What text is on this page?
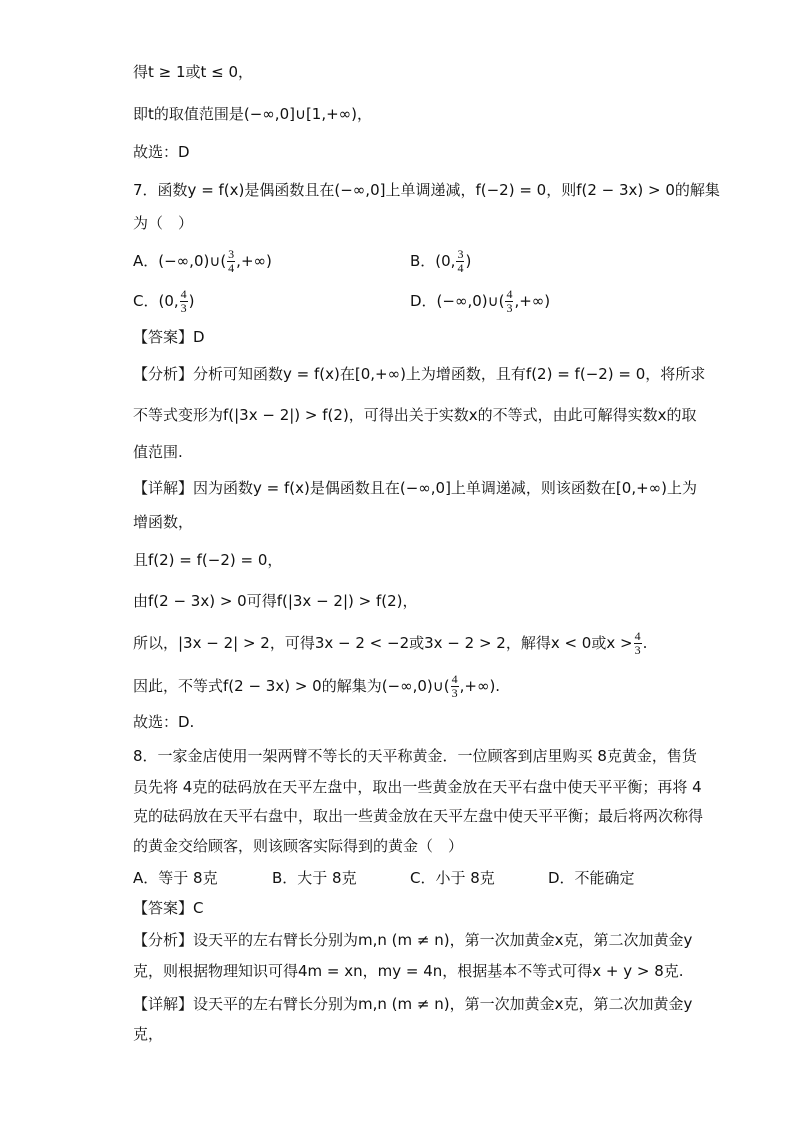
得t ≥ 1或t ≤ 0，
即t的取值范围是(−∞,0]∪[1,+∞)，
故选：D
7．函数y = f(x)是偶函数且在(−∞,0]上单调递减，f(−2) = 0，则f(2 − 3x) > 0的解集
为（　）
A．(−∞,0)∪( $\frac{3}{4}$ ,+∞)	B．(0, $\frac{3}{4}$ )
C．(0, $\frac{4}{3}$ )	D．(−∞,0)∪( $\frac{4}{3}$ ,+∞)
【答案】D
【分析】分析可知函数y = f(x)在[0,+∞)上为增函数，且有f(2) = f(−2) = 0，将所求
不等式变形为f(|3x − 2|) > f(2)，可得出关于实数x的不等式，由此可解得实数x的取
值范围.
【详解】因为函数y = f(x)是偶函数且在(−∞,0]上单调递减，则该函数在[0,+∞)上为
增函数，
且f(2) = f(−2) = 0，
由f(2 − 3x) > 0可得f(|3x − 2|) > f(2)，
所以，|3x − 2| > 2，可得3x − 2 < −2或3x − 2 > 2，解得x < 0或$x > \frac{4}{3}$ .
因此，不等式f(2 − 3x) > 0的解集为(−∞,0)∪( $\frac{4}{3}$ ,+∞).
故选：D.
8．一家金店使用一架两臂不等长的天平称黄金．一位顾客到店里购买 8克黄金，售货
员先将 4克的砝码放在天平左盘中，取出一些黄金放在天平右盘中使天平平衡；再将 4
克的砝码放在天平右盘中，取出一些黄金放在天平左盘中使天平平衡；最后将两次称得
的黄金交给顾客，则该顾客实际得到的黄金（　）
A．等于 8克	B．大于 8克	C．小于 8克	D．不能确定
【答案】C
【分析】设天平的左右臂长分别为m,n (m ≠ n)，第一次加黄金x克，第二次加黄金y
克，则根据物理知识可得4m = xn，my = 4n，根据基本不等式可得x + y > 8克.
【详解】设天平的左右臂长分别为m,n (m ≠ n)，第一次加黄金x克，第二次加黄金y
克，
